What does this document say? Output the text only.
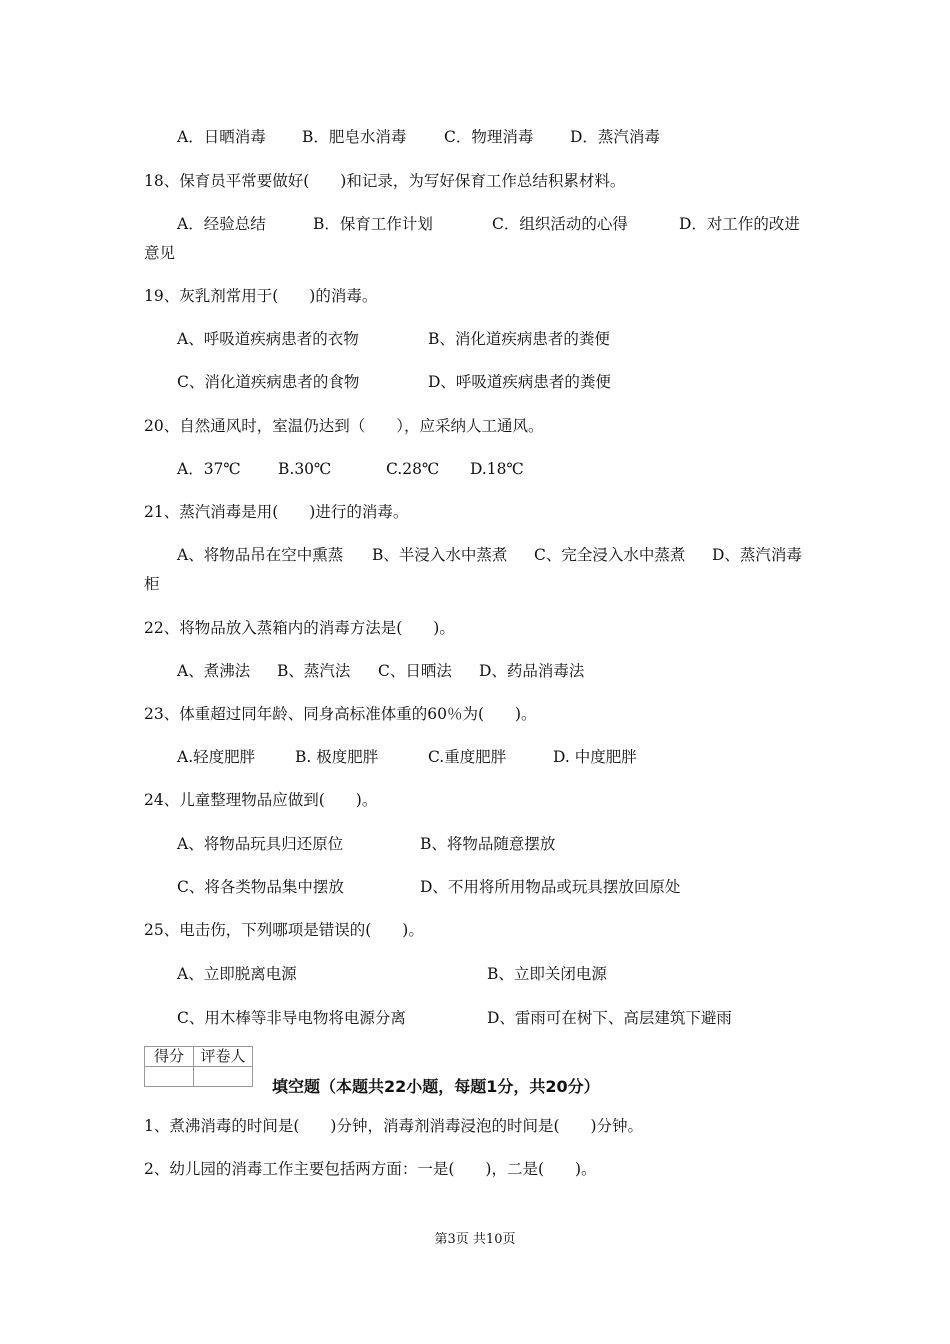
A．日晒消毒 B．肥皂水消毒 C．物理消毒 D．蒸汽消毒
18、保育员平常要做好(　　)和记录，为写好保育工作总结积累材料。
A．经验总结	B．保育工作计划	C．组织活动的心得	D．对工作的改进
意见
19、灰乳剂常用于(　　)的消毒。
A、呼吸道疾病患者的衣物	B、消化道疾病患者的粪便
C、消化道疾病患者的食物	D、呼吸道疾病患者的粪便
20、自然通风时，室温仍达到（　　），应采纳人工通风。
A．37℃ B.30℃	C.28℃ D.18℃
21、蒸汽消毒是用(　　)进行的消毒。
A、将物品吊在空中熏蒸 B、半浸入水中蒸煮 C、完全浸入水中蒸煮 D、蒸汽消毒
柜
22、将物品放入蒸箱内的消毒方法是(　　)。
A、煮沸法 B、蒸汽法 C、日晒法 D、药品消毒法
23、体重超过同年龄、同身高标准体重的60％为(　　)。
A.轻度肥胖	B. 极度肥胖	C.重度肥胖	D. 中度肥胖
24、儿童整理物品应做到(　　)。
A、将物品玩具归还原位	B、将物品随意摆放
C、将各类物品集中摆放	D、不用将所用物品或玩具摆放回原处
25、电击伤，下列哪项是错误的(　　)。
A、立即脱离电源	B、立即关闭电源
C、用木棒等非导电物将电源分离	D、雷雨可在树下、高层建筑下避雨
得分	评卷人

填空题（本题共22小题，每题1分，共20分）
1、煮沸消毒的时间是(　　)分钟，消毒剂消毒浸泡的时间是(　　)分钟。
2、幼儿园的消毒工作主要包括两方面：一是(　　)，二是(　　)。
第3页 共10页
